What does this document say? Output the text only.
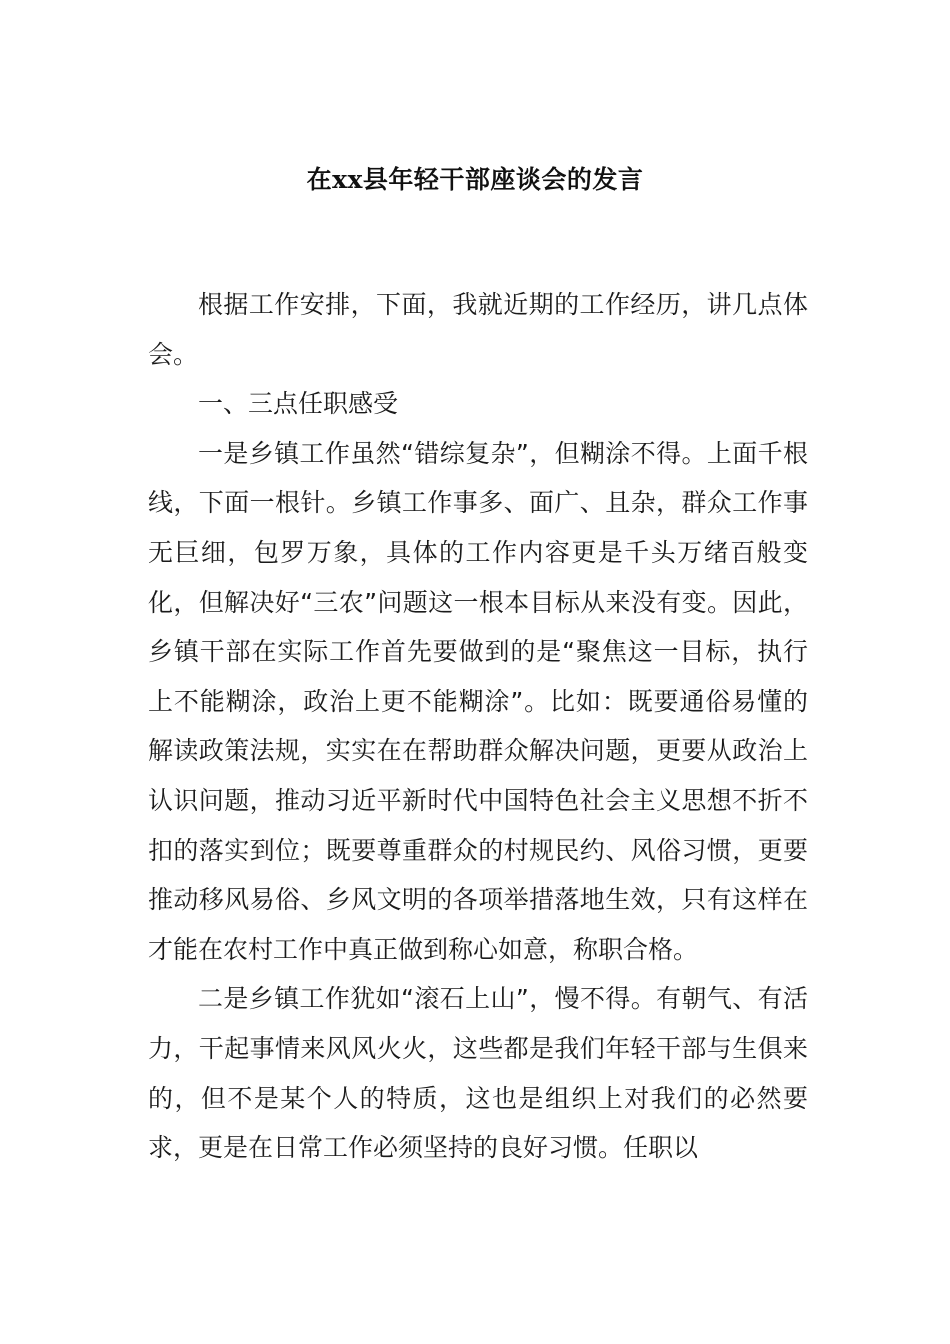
在xx县年轻干部座谈会的发言

根据工作安排，下面，我就近期的工作经历，讲几点体会。

一、三点任职感受

一是乡镇工作虽然“错综复杂”，但糊涂不得。上面千根线，下面一根针。乡镇工作事多、面广、且杂，群众工作事无巨细，包罗万象，具体的工作内容更是千头万绪百般变化，但解决好“三农”问题这一根本目标从来没有变。因此，乡镇干部在实际工作首先要做到的是“聚焦这一目标，执行上不能糊涂，政治上更不能糊涂”。比如：既要通俗易懂的解读政策法规，实实在在帮助群众解决问题，更要从政治上认识问题，推动习近平新时代中国特色社会主义思想不折不扣的落实到位；既要尊重群众的村规民约、风俗习惯，更要推动移风易俗、乡风文明的各项举措落地生效，只有这样在才能在农村工作中真正做到称心如意，称职合格。

二是乡镇工作犹如“滚石上山”，慢不得。有朝气、有活力，干起事情来风风火火，这些都是我们年轻干部与生俱来的，但不是某个人的特质，这也是组织上对我们的必然要求，更是在日常工作必须坚持的良好习惯。任职以
